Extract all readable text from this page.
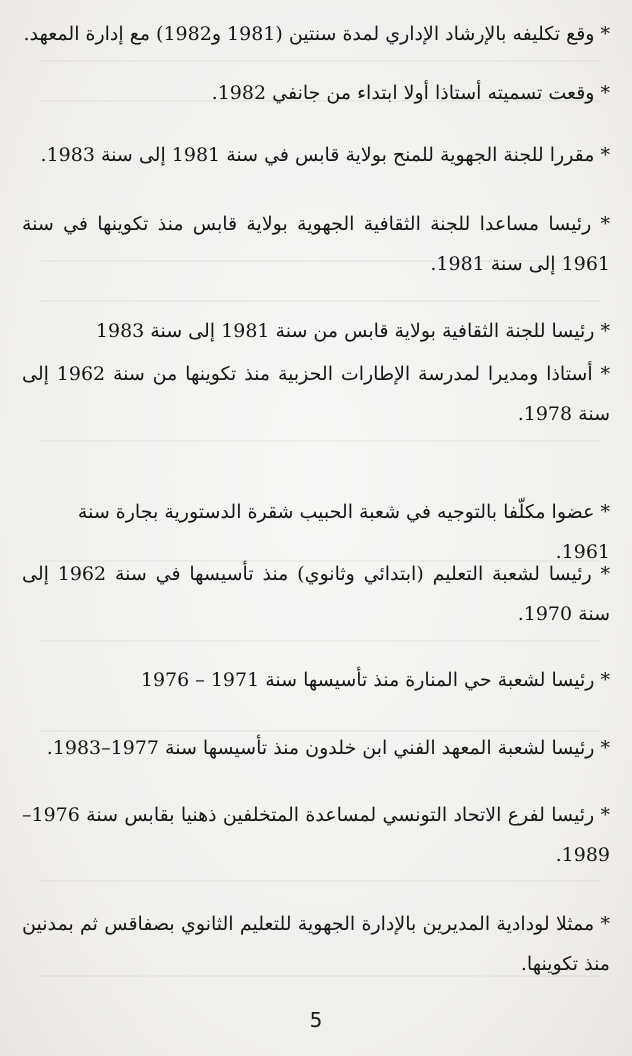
* وقع تكليفه بالإرشاد الإداري لمدة سنتين (1981 و1982) مع إدارة المعهد.
* وقعت تسميته أستاذا أولا ابتداء من جانفي 1982.
* مقررا للجنة الجهوية للمنح بولاية قابس في سنة 1981 إلى سنة 1983.
* رئيسا مساعدا للجنة الثقافية الجهوية بولاية قابس منذ تكوينها في سنة 1961 إلى سنة 1981.
* رئيسا للجنة الثقافية بولاية قابس من سنة 1981 إلى سنة 1983
* أستاذا ومديرا لمدرسة الإطارات الحزبية منذ تكوينها من سنة 1962 إلى سنة 1978.
* عضوا مكلّفا بالتوجيه في شعبة الحبيب شقرة الدستورية بجارة سنة 1961.
* رئيسا لشعبة التعليم (ابتدائي وثانوي) منذ تأسيسها في سنة 1962 إلى سنة 1970.
* رئيسا لشعبة حي المنارة منذ تأسيسها سنة 1971 – 1976
* رئيسا لشعبة المعهد الفني ابن خلدون منذ تأسيسها سنة 1977–1983.
* رئيسا لفرع الاتحاد التونسي لمساعدة المتخلفين ذهنيا بقابس سنة 1976–1989.
* ممثلا لودادية المديرين بالإدارة الجهوية للتعليم الثانوي بصفاقس ثم بمدنين منذ تكوينها.
5
